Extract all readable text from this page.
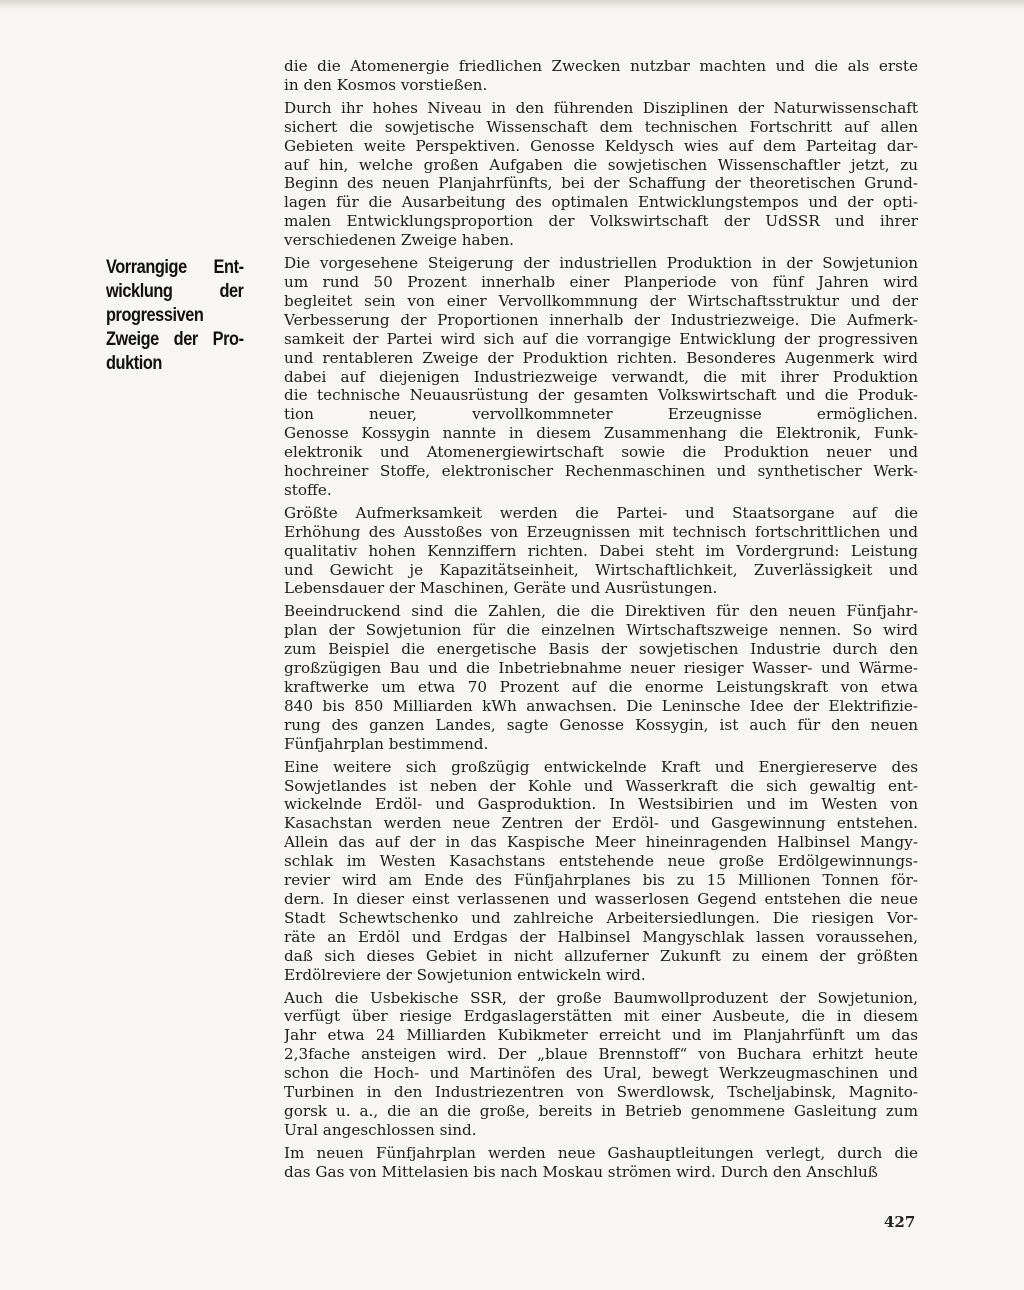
Vorrangige Ent-
wicklung der
progressiven
Zweige der Pro-
duktion
die die Atomenergie friedlichen Zwecken nutzbar machten und die als erste
in den Kosmos vorstießen.
Durch ihr hohes Niveau in den führenden Disziplinen der Naturwissenschaft
sichert die sowjetische Wissenschaft dem technischen Fortschritt auf allen
Gebieten weite Perspektiven. Genosse Keldysch wies auf dem Parteitag dar-
auf hin, welche großen Aufgaben die sowjetischen Wissenschaftler jetzt, zu
Beginn des neuen Planjahrfünfts, bei der Schaffung der theoretischen Grund-
lagen für die Ausarbeitung des optimalen Entwicklungstempos und der opti-
malen Entwicklungsproportion der Volkswirtschaft der UdSSR und ihrer
verschiedenen Zweige haben.
Die vorgesehene Steigerung der industriellen Produktion in der Sowjetunion
um rund 50 Prozent innerhalb einer Planperiode von fünf Jahren wird
begleitet sein von einer Vervollkommnung der Wirtschaftsstruktur und der
Verbesserung der Proportionen innerhalb der Industriezweige. Die Aufmerk-
samkeit der Partei wird sich auf die vorrangige Entwicklung der progressiven
und rentableren Zweige der Produktion richten. Besonderes Augenmerk wird
dabei auf diejenigen Industriezweige verwandt, die mit ihrer Produktion
die technische Neuausrüstung der gesamten Volkswirtschaft und die Produk-
tion neuer, vervollkommneter Erzeugnisse ermöglichen.
Genosse Kossygin nannte in diesem Zusammenhang die Elektronik, Funk-
elektronik und Atomenergiewirtschaft sowie die Produktion neuer und
hochreiner Stoffe, elektronischer Rechenmaschinen und synthetischer Werk-
stoffe.
Größte Aufmerksamkeit werden die Partei- und Staatsorgane auf die
Erhöhung des Ausstoßes von Erzeugnissen mit technisch fortschrittlichen und
qualitativ hohen Kennziffern richten. Dabei steht im Vordergrund: Leistung
und Gewicht je Kapazitätseinheit, Wirtschaftlichkeit, Zuverlässigkeit und
Lebensdauer der Maschinen, Geräte und Ausrüstungen.
Beeindruckend sind die Zahlen, die die Direktiven für den neuen Fünfjahr-
plan der Sowjetunion für die einzelnen Wirtschaftszweige nennen. So wird
zum Beispiel die energetische Basis der sowjetischen Industrie durch den
großzügigen Bau und die Inbetriebnahme neuer riesiger Wasser- und Wärme-
kraftwerke um etwa 70 Prozent auf die enorme Leistungskraft von etwa
840 bis 850 Milliarden kWh anwachsen. Die Leninsche Idee der Elektrifizie-
rung des ganzen Landes, sagte Genosse Kossygin, ist auch für den neuen
Fünfjahrplan bestimmend.
Eine weitere sich großzügig entwickelnde Kraft und Energiereserve des
Sowjetlandes ist neben der Kohle und Wasserkraft die sich gewaltig ent-
wickelnde Erdöl- und Gasproduktion. In Westsibirien und im Westen von
Kasachstan werden neue Zentren der Erdöl- und Gasgewinnung entstehen.
Allein das auf der in das Kaspische Meer hineinragenden Halbinsel Mangy-
schlak im Westen Kasachstans entstehende neue große Erdölgewinnungs-
revier wird am Ende des Fünfjahrplanes bis zu 15 Millionen Tonnen för-
dern. In dieser einst verlassenen und wasserlosen Gegend entstehen die neue
Stadt Schewtschenko und zahlreiche Arbeitersiedlungen. Die riesigen Vor-
räte an Erdöl und Erdgas der Halbinsel Mangyschlak lassen voraussehen,
daß sich dieses Gebiet in nicht allzuferner Zukunft zu einem der größten
Erdölreviere der Sowjetunion entwickeln wird.
Auch die Usbekische SSR, der große Baumwollproduzent der Sowjetunion,
verfügt über riesige Erdgaslagerstätten mit einer Ausbeute, die in diesem
Jahr etwa 24 Milliarden Kubikmeter erreicht und im Planjahrfünft um das
2,3fache ansteigen wird. Der „blaue Brennstoff“ von Buchara erhitzt heute
schon die Hoch- und Martinöfen des Ural, bewegt Werkzeugmaschinen und
Turbinen in den Industriezentren von Swerdlowsk, Tscheljabinsk, Magnito-
gorsk u. a., die an die große, bereits in Betrieb genommene Gasleitung zum
Ural angeschlossen sind.
Im neuen Fünfjahrplan werden neue Gashauptleitungen verlegt, durch die
das Gas von Mittelasien bis nach Moskau strömen wird. Durch den Anschluß
427
